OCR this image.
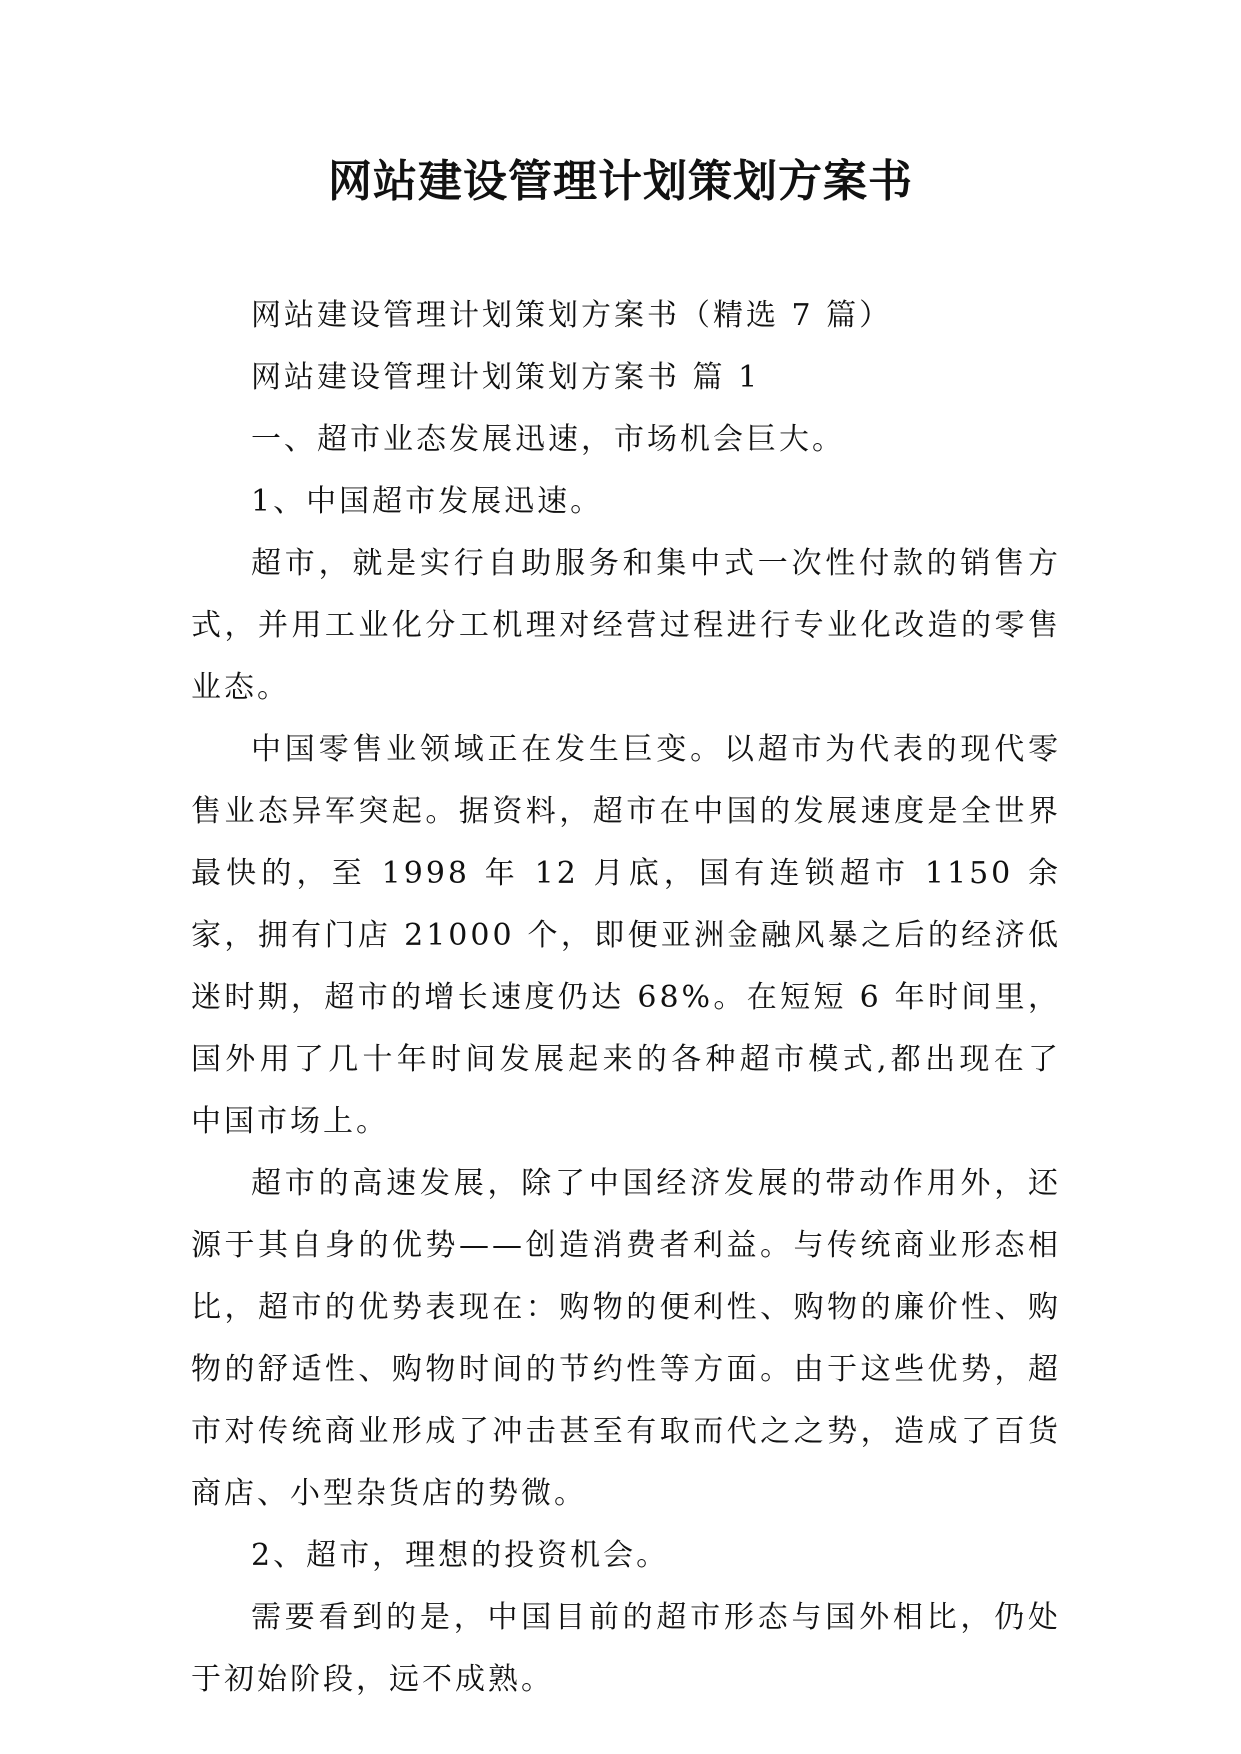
网站建设管理计划策划方案书

网站建设管理计划策划方案书（精选 7 篇）

网站建设管理计划策划方案书 篇 1

一、超市业态发展迅速，市场机会巨大。

1、中国超市发展迅速。

超市，就是实行自助服务和集中式一次性付款的销售方式，并用工业化分工机理对经营过程进行专业化改造的零售业态。

中国零售业领域正在发生巨变。以超市为代表的现代零售业态异军突起。据资料，超市在中国的发展速度是全世界最快的，至 1998 年 12 月底，国有连锁超市 1150 余家，拥有门店 21000 个，即便亚洲金融风暴之后的经济低迷时期，超市的增长速度仍达 68%。在短短 6 年时间里，国外用了几十年时间发展起来的各种超市模式,都出现在了中国市场上。

超市的高速发展，除了中国经济发展的带动作用外，还源于其自身的优势——创造消费者利益。与传统商业形态相比，超市的优势表现在：购物的便利性、购物的廉价性、购物的舒适性、购物时间的节约性等方面。由于这些优势，超市对传统商业形成了冲击甚至有取而代之之势，造成了百货商店、小型杂货店的势微。

2、超市，理想的投资机会。

需要看到的是，中国目前的超市形态与国外相比，仍处于初始阶段，远不成熟。
